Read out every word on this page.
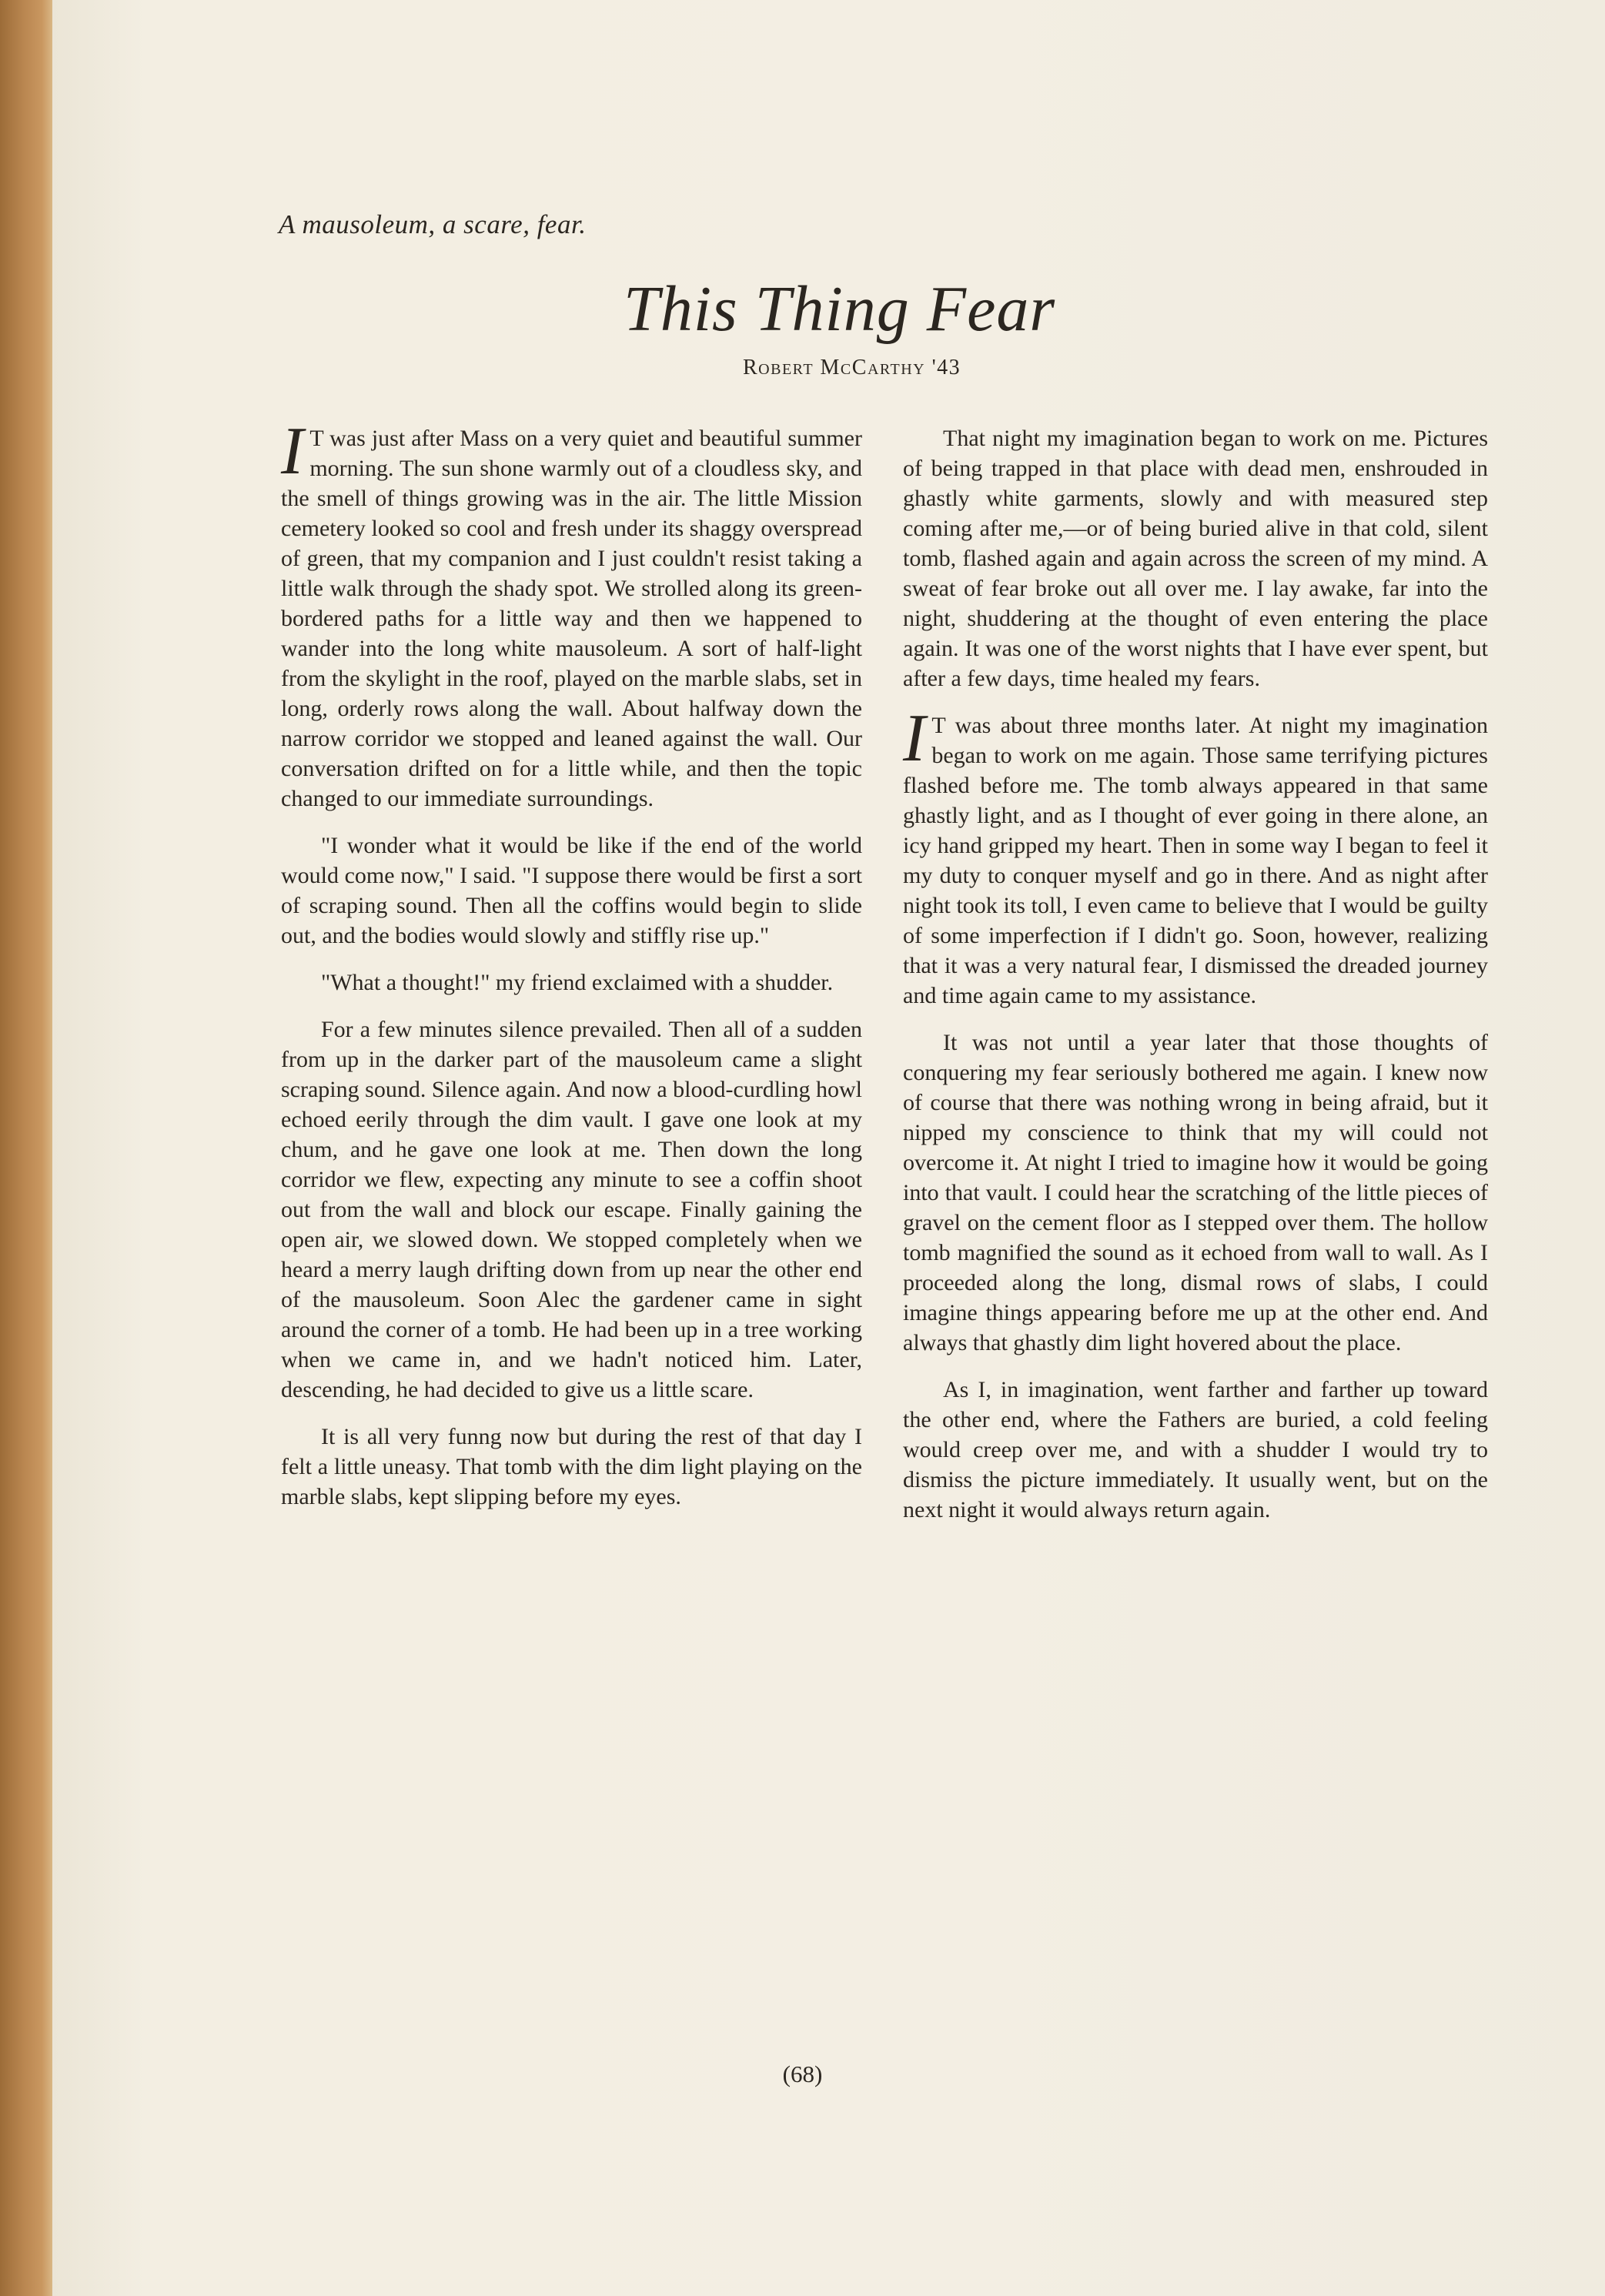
A mausoleum, a scare, fear.
This Thing Fear
Robert McCarthy '43

I T was just after Mass on a very quiet and beautiful summer morning. The sun shone warmly out of a cloudless sky, and the smell of things growing was in the air. The little Mission cemetery looked so cool and fresh under its shaggy overspread of green, that my companion and I just couldn't resist taking a little walk through the shady spot. We strolled along its green-bordered paths for a little way and then we happened to wander into the long white mausoleum. A sort of half-light from the skylight in the roof, played on the marble slabs, set in long, orderly rows along the wall. About halfway down the narrow corridor we stopped and leaned against the wall. Our conversation drifted on for a little while, and then the topic changed to our immediate surroundings.

"I wonder what it would be like if the end of the world would come now," I said. "I suppose there would be first a sort of scraping sound. Then all the coffins would begin to slide out, and the bodies would slowly and stiffly rise up."

"What a thought!" my friend exclaimed with a shudder.

For a few minutes silence prevailed. Then all of a sudden from up in the darker part of the mausoleum came a slight scraping sound. Silence again. And now a blood-curdling howl echoed eerily through the dim vault. I gave one look at my chum, and he gave one look at me. Then down the long corridor we flew, expecting any minute to see a coffin shoot out from the wall and block our escape. Finally gaining the open air, we slowed down. We stopped completely when we heard a merry laugh drifting down from up near the other end of the mausoleum. Soon Alec the gardener came in sight around the corner of a tomb. He had been up in a tree working when we came in, and we hadn't noticed him. Later, descending, he had decided to give us a little scare.

It is all very funng now but during the rest of that day I felt a little uneasy. That tomb with the dim light playing on the marble slabs, kept slipping before my eyes.

That night my imagination began to work on me. Pictures of being trapped in that place with dead men, enshrouded in ghastly white garments, slowly and with measured step coming after me,—or of being buried alive in that cold, silent tomb, flashed again and again across the screen of my mind. A sweat of fear broke out all over me. I lay awake, far into the night, shuddering at the thought of even entering the place again. It was one of the worst nights that I have ever spent, but after a few days, time healed my fears.

I T was about three months later. At night my imagination began to work on me again. Those same terrifying pictures flashed before me. The tomb always appeared in that same ghastly light, and as I thought of ever going in there alone, an icy hand gripped my heart. Then in some way I began to feel it my duty to conquer myself and go in there. And as night after night took its toll, I even came to believe that I would be guilty of some imperfection if I didn't go. Soon, however, realizing that it was a very natural fear, I dismissed the dreaded journey and time again came to my assistance.

It was not until a year later that those thoughts of conquering my fear seriously bothered me again. I knew now of course that there was nothing wrong in being afraid, but it nipped my conscience to think that my will could not overcome it. At night I tried to imagine how it would be going into that vault. I could hear the scratching of the little pieces of gravel on the cement floor as I stepped over them. The hollow tomb magnified the sound as it echoed from wall to wall. As I proceeded along the long, dismal rows of slabs, I could imagine things appearing before me up at the other end. And always that ghastly dim light hovered about the place.

As I, in imagination, went farther and farther up toward the other end, where the Fathers are buried, a cold feeling would creep over me, and with a shudder I would try to dismiss the picture immediately. It usually went, but on the next night it would always return again.

(68)
